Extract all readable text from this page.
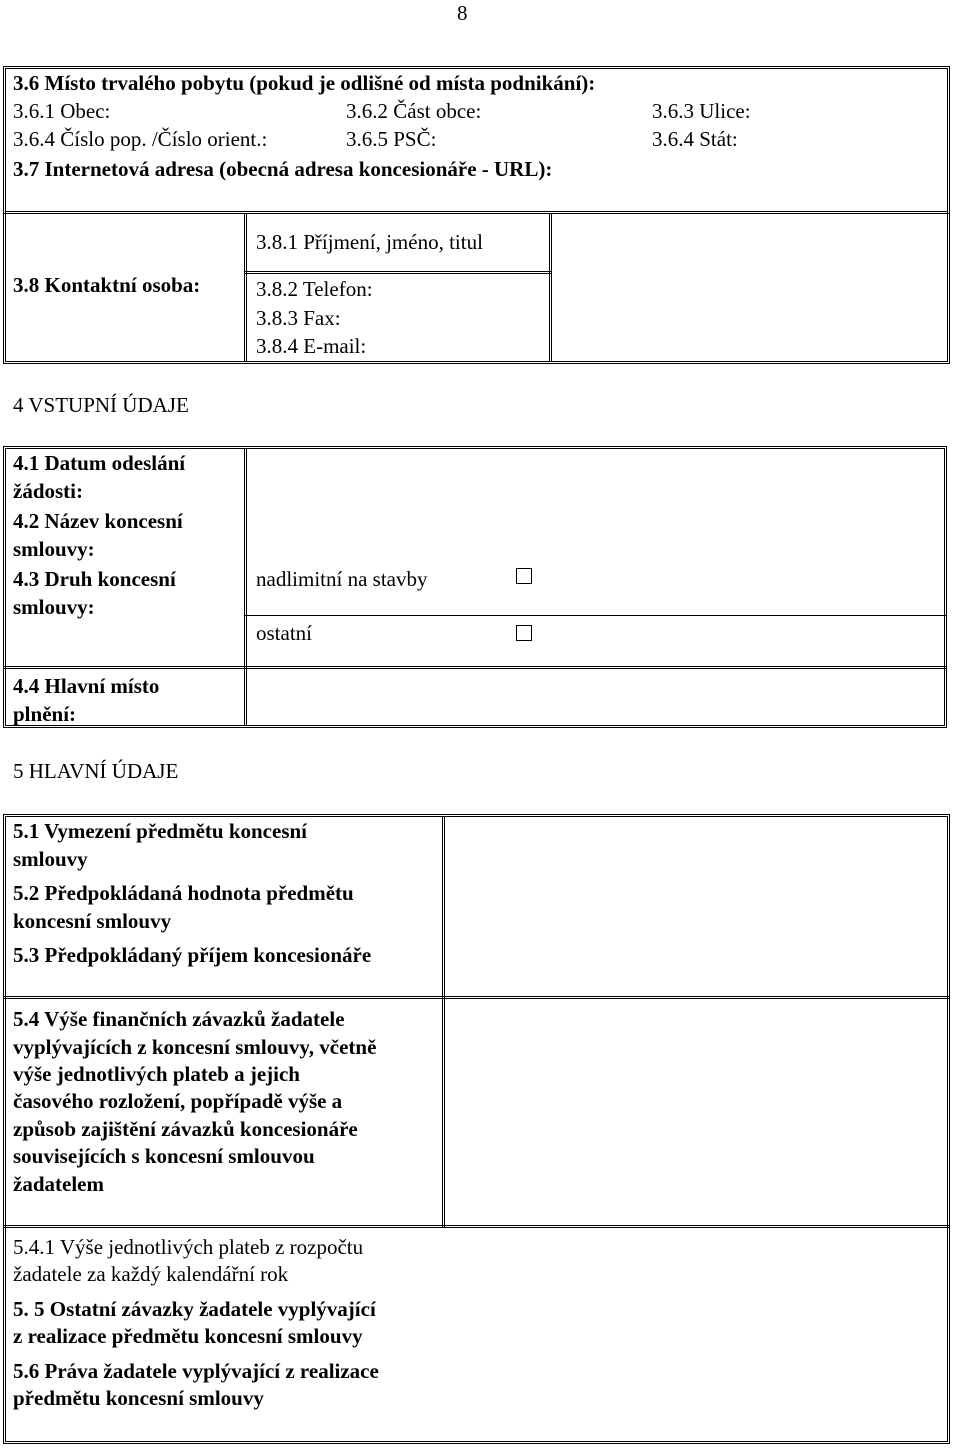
8
3.6 Místo trvalého pobytu (pokud je odlišné od místa podnikání):
3.6.1 Obec:	3.6.2 Část obce:	3.6.3 Ulice:
3.6.4 Číslo pop. /Číslo orient.:	3.6.5 PSČ:	3.6.4 Stát:
3.7 Internetová adresa (obecná adresa koncesionáře - URL):
3.8 Kontaktní osoba:
3.8.1 Příjmení, jméno, titul
3.8.2 Telefon:
3.8.3 Fax:
3.8.4 E-mail:
4 VSTUPNÍ ÚDAJE
4.1 Datum odeslání
žádosti:
4.2 Název koncesní
smlouvy:
4.3 Druh koncesní
smlouvy:
nadlimitní na stavby
ostatní
4.4 Hlavní místo
plnění:
5 HLAVNÍ ÚDAJE
5.1 Vymezení předmětu koncesní
smlouvy
5.2 Předpokládaná hodnota předmětu
koncesní smlouvy
5.3 Předpokládaný příjem koncesionáře
5.4 Výše finančních závazků žadatele
vyplývajících z koncesní smlouvy, včetně
výše jednotlivých plateb a jejich
časového rozložení, popřípadě výše a
způsob zajištění závazků koncesionáře
souvisejících s koncesní smlouvou
žadatelem
5.4.1 Výše jednotlivých plateb z rozpočtu
žadatele za každý kalendářní rok
5. 5 Ostatní závazky žadatele vyplývající
z realizace předmětu koncesní smlouvy
5.6 Práva žadatele vyplývající z realizace
předmětu koncesní smlouvy
